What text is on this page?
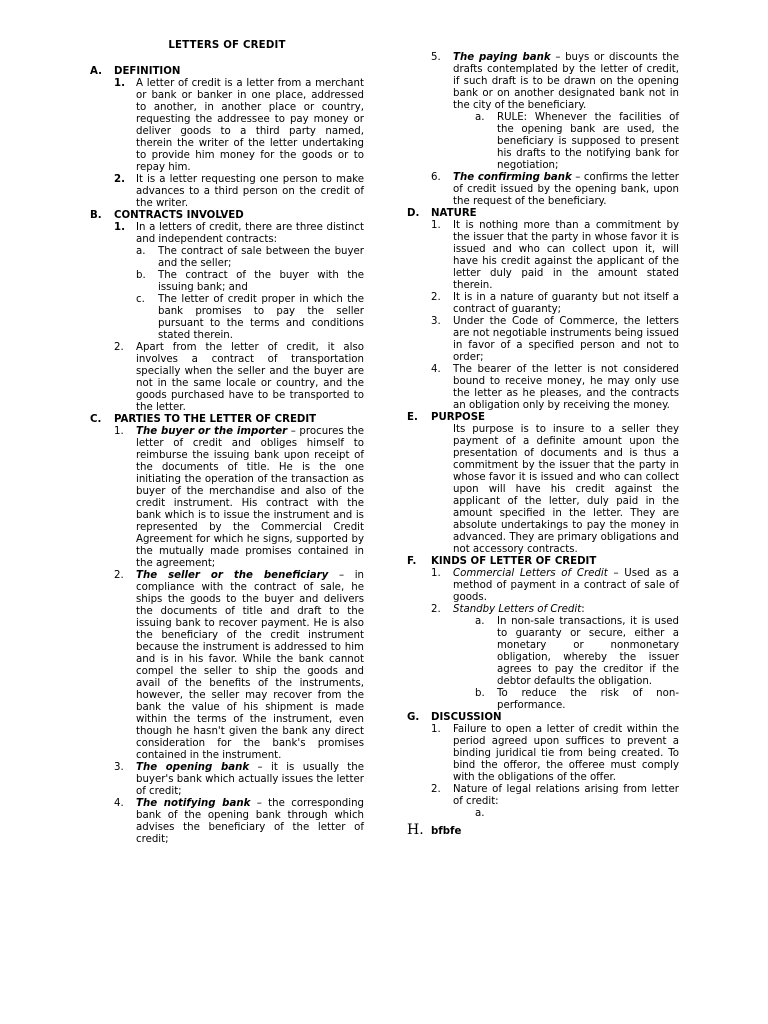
LETTERS OF CREDIT
A.	DEFINITION
1.	A letter of credit is a letter from a merchant or bank or banker in one place, addressed to another, in another place or country, requesting the addressee to pay money or deliver goods to a third party named, therein the writer of the letter undertaking to provide him money for the goods or to repay him.
2.	It is a letter requesting one person to make advances to a third person on the credit of the writer.
B.	CONTRACTS INVOLVED
1.	In a letters of credit, there are three distinct and independent contracts:
a.	The contract of sale between the buyer and the seller;
b.	The contract of the buyer with the issuing bank; and
c.	The letter of credit proper in which the bank promises to pay the seller pursuant to the terms and conditions stated therein.
2.	Apart from the letter of credit, it also involves a contract of transportation specially when the seller and the buyer are not in the same locale or country, and the goods purchased have to be transported to the letter.
C.	PARTIES TO THE LETTER OF CREDIT
1.	The buyer or the importer – procures the letter of credit and obliges himself to reimburse the issuing bank upon receipt of the documents of title. He is the one initiating the operation of the transaction as buyer of the merchandise and also of the credit instrument. His contract with the bank which is to issue the instrument and is represented by the Commercial Credit Agreement for which he signs, supported by the mutually made promises contained in the agreement;
2.	The seller or the beneficiary – in compliance with the contract of sale, he ships the goods to the buyer and delivers the documents of title and draft to the issuing bank to recover payment. He is also the beneficiary of the credit instrument because the instrument is addressed to him and is in his favor. While the bank cannot compel the seller to ship the goods and avail of the benefits of the instruments, however, the seller may recover from the bank the value of his shipment is made within the terms of the instrument, even though he hasn't given the bank any direct consideration for the bank's promises contained in the instrument.
3.	The opening bank – it is usually the buyer's bank which actually issues the letter of credit;
4.	The notifying bank – the corresponding bank of the opening bank through which advises the beneficiary of the letter of credit;
5.	The paying bank – buys or discounts the drafts contemplated by the letter of credit, if such draft is to be drawn on the opening bank or on another designated bank not in the city of the beneficiary.
a.	RULE: Whenever the facilities of the opening bank are used, the beneficiary is supposed to present his drafts to the notifying bank for negotiation;
6.	The confirming bank – confirms the letter of credit issued by the opening bank, upon the request of the beneficiary.
D.	NATURE
1.	It is nothing more than a commitment by the issuer that the party in whose favor it is issued and who can collect upon it, will have his credit against the applicant of the letter duly paid in the amount stated therein.
2.	It is in a nature of guaranty but not itself a contract of guaranty;
3.	Under the Code of Commerce, the letters are not negotiable instruments being issued in favor of a specified person and not to order;
4.	The bearer of the letter is not considered bound to receive money, he may only use the letter as he pleases, and the contracts an obligation only by receiving the money.
E.	PURPOSE
Its purpose is to insure to a seller they payment of a definite amount upon the presentation of documents and is thus a commitment by the issuer that the party in whose favor it is issued and who can collect upon will have his credit against the applicant of the letter, duly paid in the amount specified in the letter. They are absolute undertakings to pay the money in advanced. They are primary obligations and not accessory contracts.
F.	KINDS OF LETTER OF CREDIT
1.	Commercial Letters of Credit – Used as a method of payment in a contract of sale of goods.
2.	Standby Letters of Credit:
a.	In non-sale transactions, it is used to guaranty or secure, either a monetary or nonmonetary obligation, whereby the issuer agrees to pay the creditor if the debtor defaults the obligation.
b.	To reduce the risk of non-performance.
G.	DISCUSSION
1.	Failure to open a letter of credit within the period agreed upon suffices to prevent a binding juridical tie from being created. To bind the offeror, the offeree must comply with the obligations of the offer.
2.	Nature of legal relations arising from letter of credit:
a.
H. bfbfe
